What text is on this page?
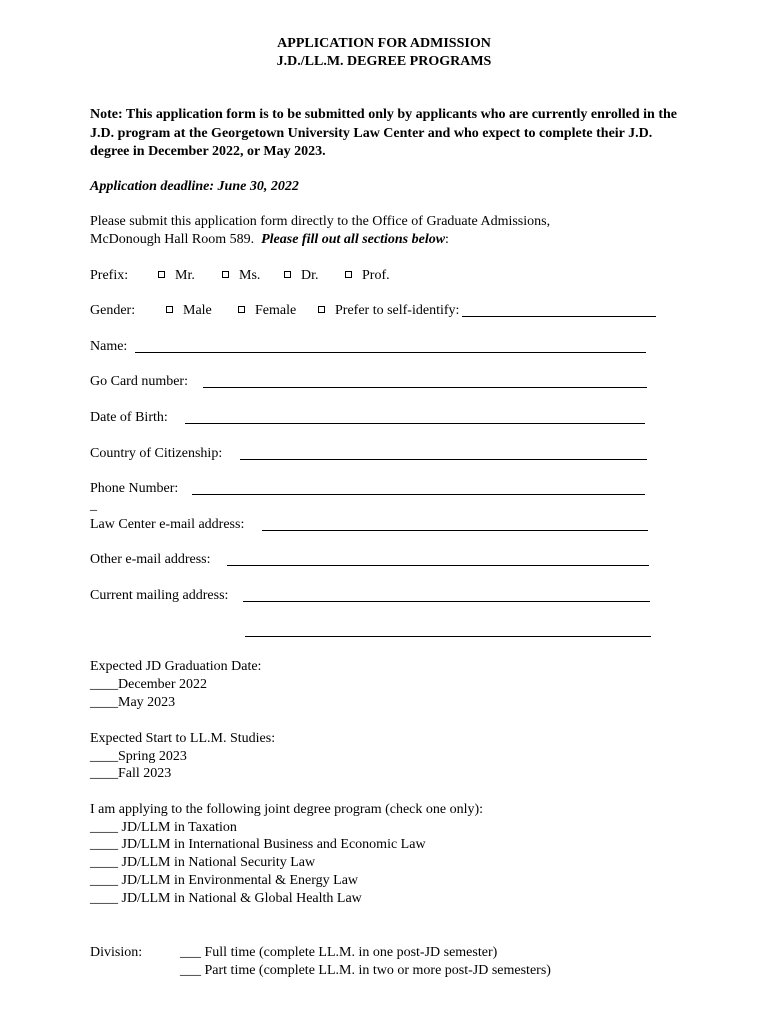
APPLICATION FOR ADMISSION
J.D./LL.M. DEGREE PROGRAMS
Note: This application form is to be submitted only by applicants who are currently enrolled in the J.D. program at the Georgetown University Law Center and who expect to complete their J.D. degree in December 2022, or May 2023.
Application deadline: June 30, 2022
Please submit this application form directly to the Office of Graduate Admissions,
McDonough Hall Room 589. Please fill out all sections below:
Prefix:	Mr.	Ms.	Dr.	Prof.
Gender:	Male	Female	Prefer to self-identify:
Name:
Go Card number:
Date of Birth:
Country of Citizenship:
Phone Number:
_
Law Center e-mail address:
Other e-mail address:
Current mailing address:
Expected JD Graduation Date:
____December 2022
____May 2023
Expected Start to LL.M. Studies:
____Spring 2023
____Fall 2023
I am applying to the following joint degree program (check one only):
____ JD/LLM in Taxation
____ JD/LLM in International Business and Economic Law
____ JD/LLM in National Security Law
____ JD/LLM in Environmental & Energy Law
____ JD/LLM in National & Global Health Law
Division:	___ Full time (complete LL.M. in one post-JD semester)
___ Part time (complete LL.M. in two or more post-JD semesters)
